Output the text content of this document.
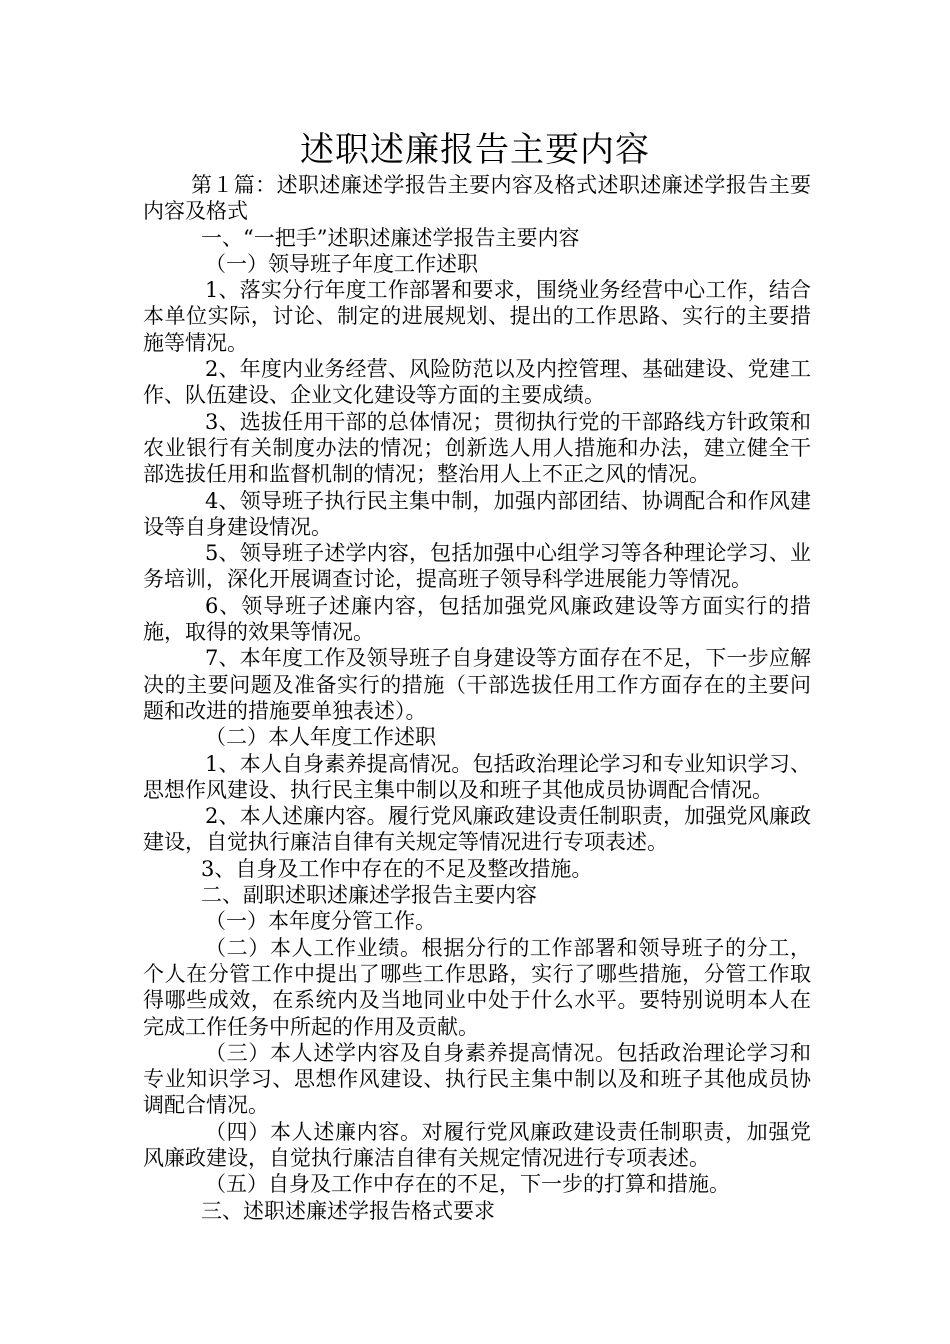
述职述廉报告主要内容

第１篇：述职述廉述学报告主要内容及格式述职述廉述学报告主要内容及格式

一、“一把手”述职述廉述学报告主要内容

（一）领导班子年度工作述职

1、落实分行年度工作部署和要求，围绕业务经营中心工作，结合本单位实际，讨论、制定的进展规划、提出的工作思路、实行的主要措施等情况。

2、年度内业务经营、风险防范以及内控管理、基础建设、党建工作、队伍建设、企业文化建设等方面的主要成绩。

3、选拔任用干部的总体情况；贯彻执行党的干部路线方针政策和农业银行有关制度办法的情况；创新选人用人措施和办法，建立健全干部选拔任用和监督机制的情况；整治用人上不正之风的情况。

4、领导班子执行民主集中制，加强内部团结、协调配合和作风建设等自身建设情况。

5、领导班子述学内容，包括加强中心组学习等各种理论学习、业务培训，深化开展调查讨论，提高班子领导科学进展能力等情况。

6、领导班子述廉内容，包括加强党风廉政建设等方面实行的措施，取得的效果等情况。

7、本年度工作及领导班子自身建设等方面存在不足，下一步应解决的主要问题及准备实行的措施（干部选拔任用工作方面存在的主要问题和改进的措施要单独表述）。

（二）本人年度工作述职

1、本人自身素养提高情况。包括政治理论学习和专业知识学习、思想作风建设、执行民主集中制以及和班子其他成员协调配合情况。

2、本人述廉内容。履行党风廉政建设责任制职责，加强党风廉政建设，自觉执行廉洁自律有关规定等情况进行专项表述。

3、自身及工作中存在的不足及整改措施。

二、副职述职述廉述学报告主要内容

（一）本年度分管工作。

（二）本人工作业绩。根据分行的工作部署和领导班子的分工，个人在分管工作中提出了哪些工作思路，实行了哪些措施，分管工作取得哪些成效，在系统内及当地同业中处于什么水平。要特别说明本人在完成工作任务中所起的作用及贡献。

（三）本人述学内容及自身素养提高情况。包括政治理论学习和专业知识学习、思想作风建设、执行民主集中制以及和班子其他成员协调配合情况。

（四）本人述廉内容。对履行党风廉政建设责任制职责，加强党风廉政建设，自觉执行廉洁自律有关规定情况进行专项表述。

（五）自身及工作中存在的不足，下一步的打算和措施。

三、述职述廉述学报告格式要求
